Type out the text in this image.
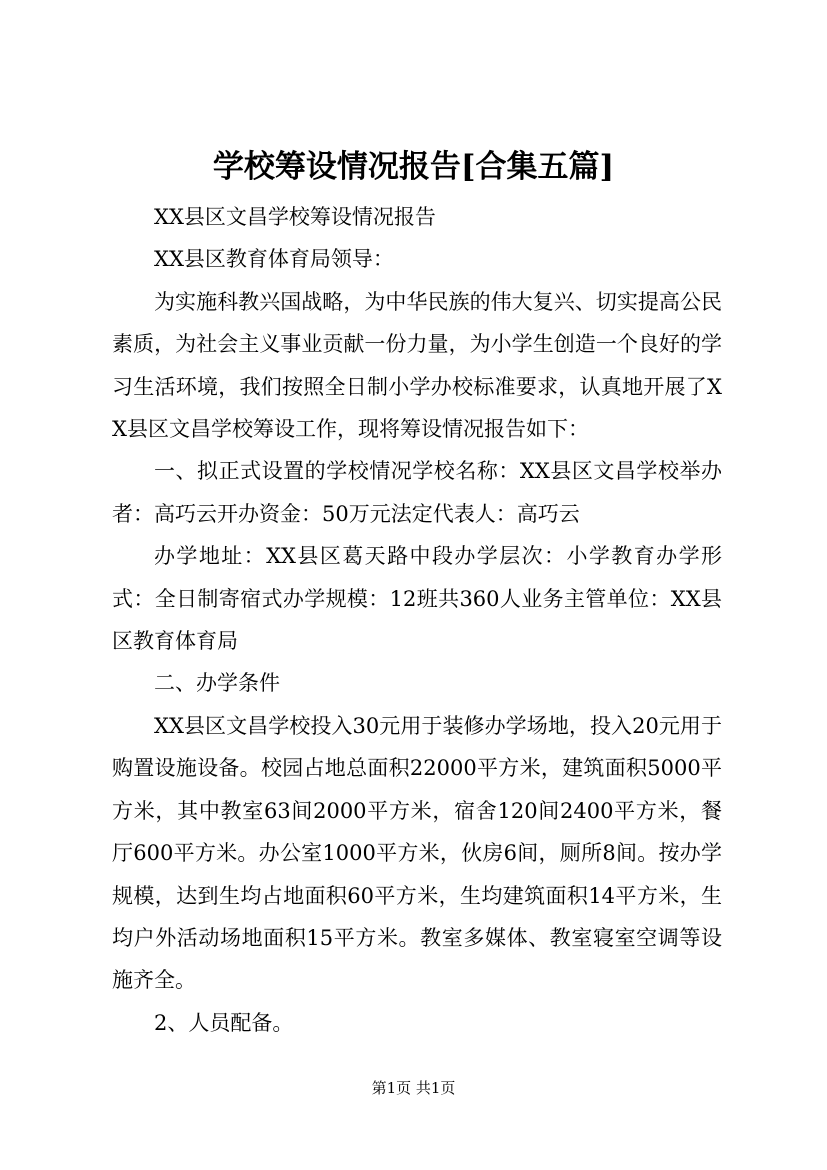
学校筹设情况报告[合集五篇]

XX县区文昌学校筹设情况报告

XX县区教育体育局领导：

为实施科教兴国战略，为中华民族的伟大复兴、切实提高公民素质，为社会主义事业贡献一份力量，为小学生创造一个良好的学习生活环境，我们按照全日制小学办校标准要求，认真地开展了XX县区文昌学校筹设工作，现将筹设情况报告如下：

一、拟正式设置的学校情况学校名称：XX县区文昌学校举办者：高巧云开办资金：50万元法定代表人：高巧云

办学地址：XX县区葛天路中段办学层次：小学教育办学形式：全日制寄宿式办学规模：12班共360人业务主管单位：XX县区教育体育局

二、办学条件

XX县区文昌学校投入30元用于装修办学场地，投入20元用于购置设施设备。校园占地总面积22000平方米，建筑面积5000平方米，其中教室63间2000平方米，宿舍120间2400平方米，餐厅600平方米。办公室1000平方米，伙房6间，厕所8间。按办学规模，达到生均占地面积60平方米，生均建筑面积14平方米，生均户外活动场地面积15平方米。教室多媒体、教室寝室空调等设施齐全。

2、人员配备。

第1页 共1页
